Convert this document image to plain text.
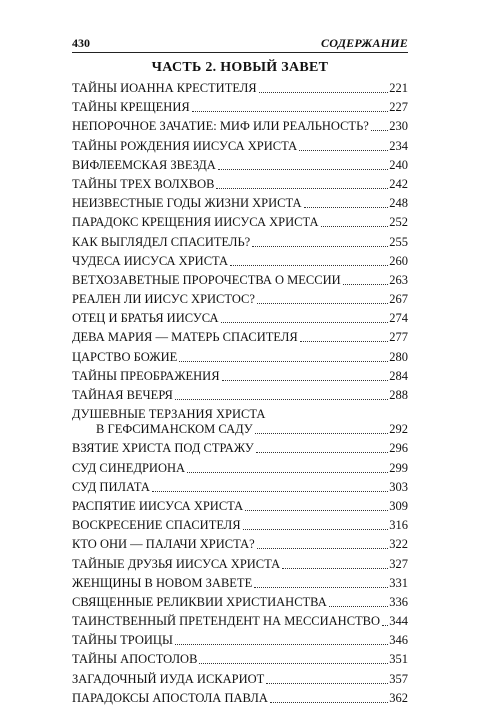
430	СОДЕРЖАНИЕ
ЧАСТЬ 2. НОВЫЙ ЗАВЕТ
ТАЙНЫ ИОАННА КРЕСТИТЕЛЯ	221
ТАЙНЫ КРЕЩЕНИЯ	227
НЕПОРОЧНОЕ ЗАЧАТИЕ: МИФ ИЛИ РЕАЛЬНОСТЬ? 230
ТАЙНЫ РОЖДЕНИЯ ИИСУСА ХРИСТА	234
ВИФЛЕЕМСКАЯ ЗВЕЗДА	240
ТАЙНЫ ТРЕХ ВОЛХВОВ	242
НЕИЗВЕСТНЫЕ ГОДЫ ЖИЗНИ ХРИСТА	248
ПАРАДОКС КРЕЩЕНИЯ ИИСУСА ХРИСТА	252
КАК ВЫГЛЯДЕЛ СПАСИТЕЛЬ?	255
ЧУДЕСА ИИСУСА ХРИСТА	260
ВЕТХОЗАВЕТНЫЕ ПРОРОЧЕСТВА О МЕССИИ	263
РЕАЛЕН ЛИ ИИСУС ХРИСТОС?	267
ОТЕЦ И БРАТЬЯ ИИСУСА	274
ДЕВА МАРИЯ — МАТЕРЬ СПАСИТЕЛЯ	277
ЦАРСТВО БОЖИЕ	280
ТАЙНЫ ПРЕОБРАЖЕНИЯ	284
ТАЙНАЯ ВЕЧЕРЯ	288
ДУШЕВНЫЕ ТЕРЗАНИЯ ХРИСТА
В ГЕФСИМАНСКОМ САДУ	292
ВЗЯТИЕ ХРИСТА ПОД СТРАЖУ	296
СУД СИНЕДРИОНА	299
СУД ПИЛАТА	303
РАСПЯТИЕ ИИСУСА ХРИСТА	309
ВОСКРЕСЕНИЕ СПАСИТЕЛЯ	316
КТО ОНИ — ПАЛАЧИ ХРИСТА?	322
ТАЙНЫЕ ДРУЗЬЯ ИИСУСА ХРИСТА	327
ЖЕНЩИНЫ В НОВОМ ЗАВЕТЕ	331
СВЯЩЕННЫЕ РЕЛИКВИИ ХРИСТИАНСТВА	336
ТАИНСТВЕННЫЙ ПРЕТЕНДЕНТ НА МЕССИАНСТВО 344
ТАЙНЫ ТРОИЦЫ	346
ТАЙНЫ АПОСТОЛОВ	351
ЗАГАДОЧНЫЙ ИУДА ИСКАРИОТ	357
ПАРАДОКСЫ АПОСТОЛА ПАВЛА	362
